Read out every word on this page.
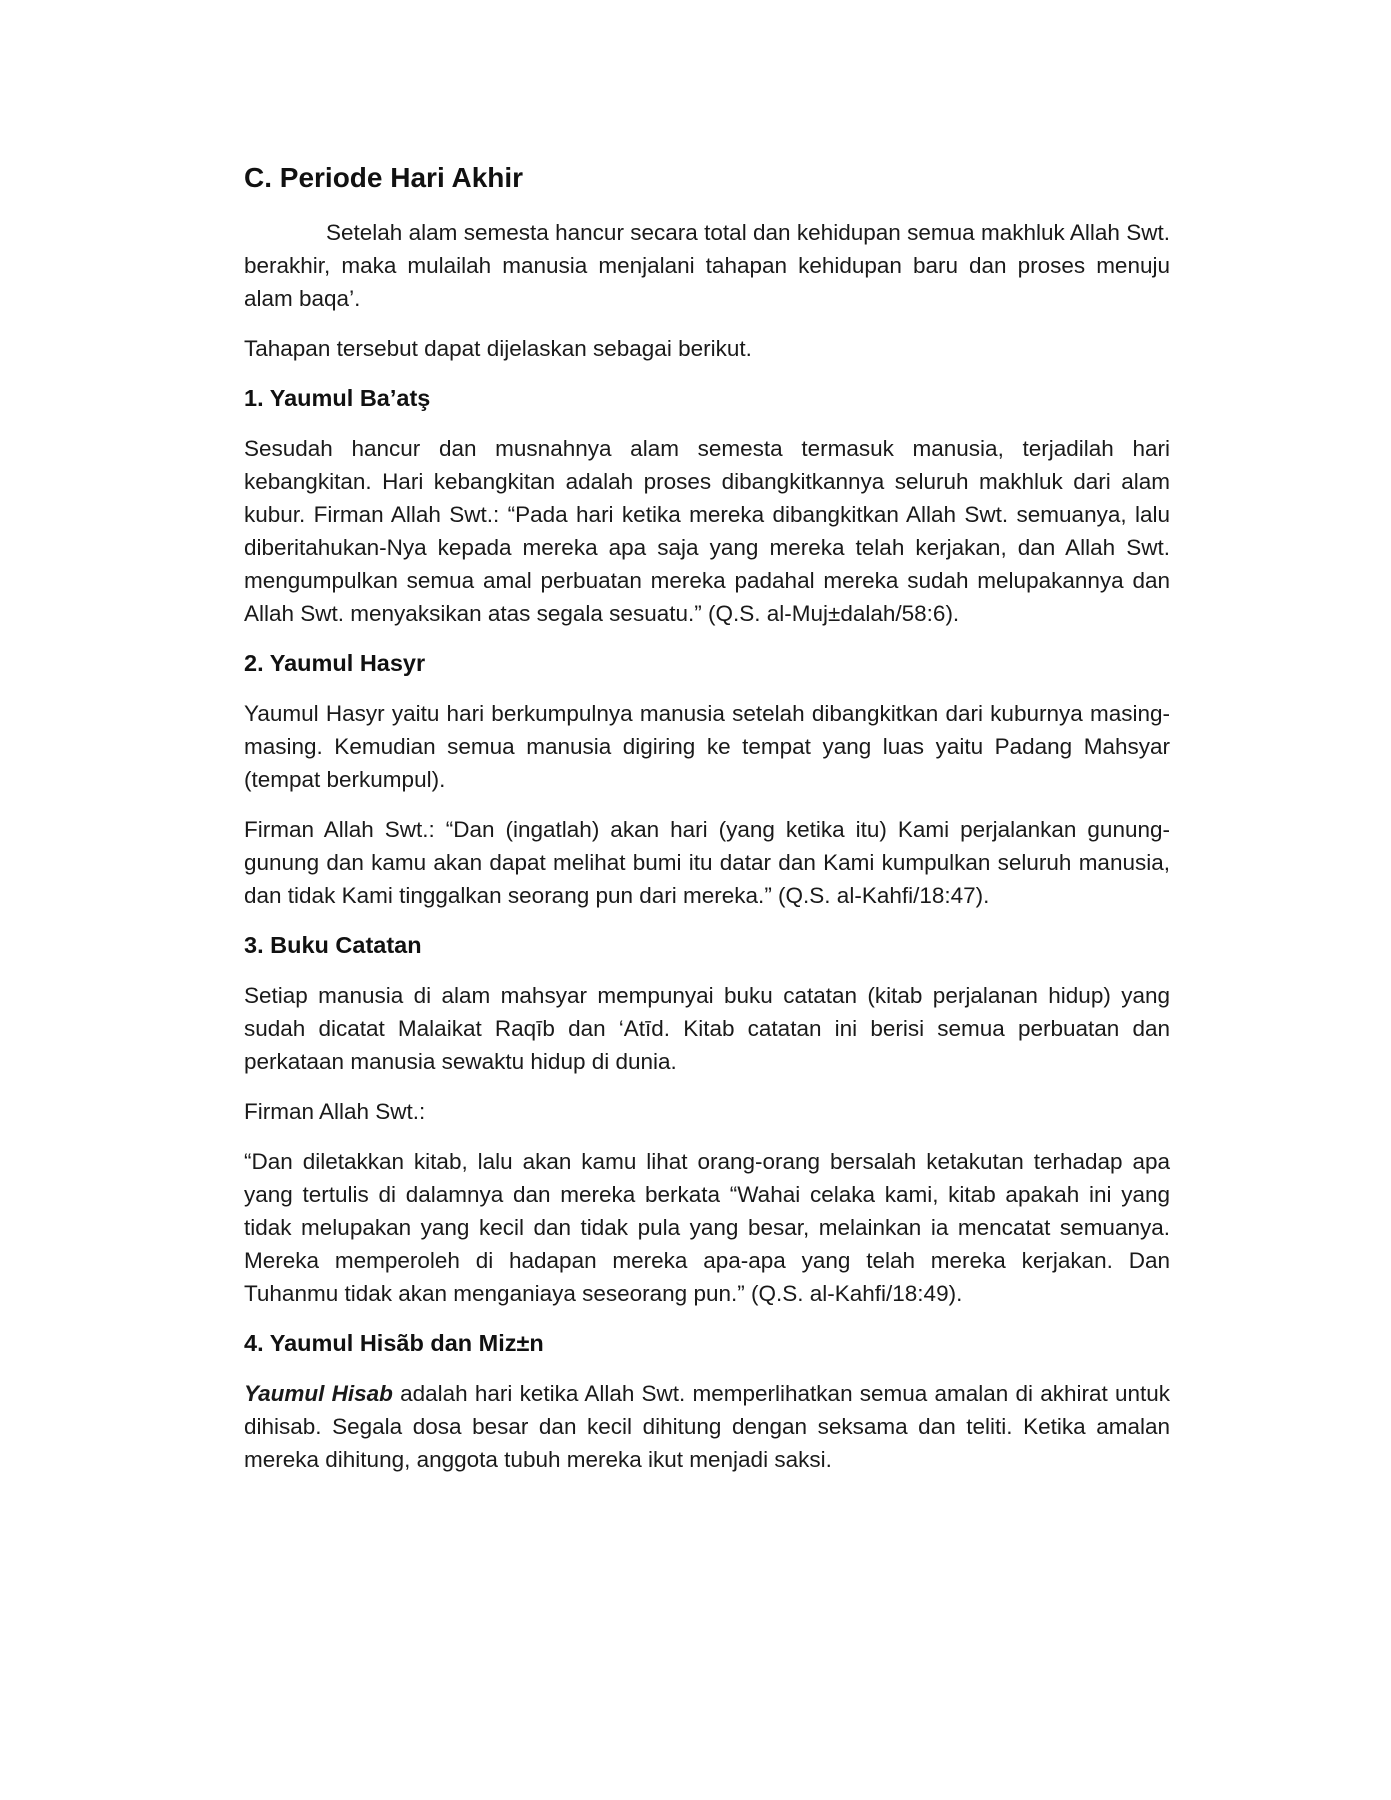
C. Periode Hari Akhir

Setelah alam semesta hancur secara total dan kehidupan semua makhluk Allah Swt. berakhir, maka mulailah manusia menjalani tahapan kehidupan baru dan proses menuju alam baqa’.

Tahapan tersebut dapat dijelaskan sebagai berikut.

1. Yaumul Ba’atş

Sesudah hancur dan musnahnya alam semesta termasuk manusia, terjadilah hari kebangkitan. Hari kebangkitan adalah proses dibangkitkannya seluruh makhluk dari alam kubur. Firman Allah Swt.: “Pada hari ketika mereka dibangkitkan Allah Swt. semuanya, lalu diberitahukan-Nya kepada mereka apa saja yang mereka telah kerjakan, dan Allah Swt. mengumpulkan semua amal perbuatan mereka padahal mereka sudah melupakannya dan Allah Swt. menyaksikan atas segala sesuatu.” (Q.S. al-Muj±dalah/58:6).

2. Yaumul Hasyr

Yaumul Hasyr yaitu hari berkumpulnya manusia setelah dibangkitkan dari kuburnya masing-masing. Kemudian semua manusia digiring ke tempat yang luas yaitu Padang Mahsyar (tempat berkumpul).

Firman Allah Swt.: “Dan (ingatlah) akan hari (yang ketika itu) Kami perjalankan gunung-gunung dan kamu akan dapat melihat bumi itu datar dan Kami kumpulkan seluruh manusia, dan tidak Kami tinggalkan seorang pun dari mereka.” (Q.S. al-Kahfi/18:47).

3. Buku Catatan

Setiap manusia di alam mahsyar mempunyai buku catatan (kitab perjalanan hidup) yang sudah dicatat Malaikat Raqīb dan ‘Atīd. Kitab catatan ini berisi semua perbuatan dan perkataan manusia sewaktu hidup di dunia.

Firman Allah Swt.:

“Dan diletakkan kitab, lalu akan kamu lihat orang-orang bersalah ketakutan terhadap apa yang tertulis di dalamnya dan mereka berkata “Wahai celaka kami, kitab apakah ini yang tidak melupakan yang kecil dan tidak pula yang besar, melainkan ia mencatat semuanya. Mereka memperoleh di hadapan mereka apa-apa yang telah mereka kerjakan. Dan Tuhanmu tidak akan menganiaya seseorang pun.” (Q.S. al-Kahfi/18:49).

4. Yaumul Hisãb dan Miz±n

Yaumul Hisab adalah hari ketika Allah Swt. memperlihatkan semua amalan di akhirat untuk dihisab. Segala dosa besar dan kecil dihitung dengan seksama dan teliti. Ketika amalan mereka dihitung, anggota tubuh mereka ikut menjadi saksi.
